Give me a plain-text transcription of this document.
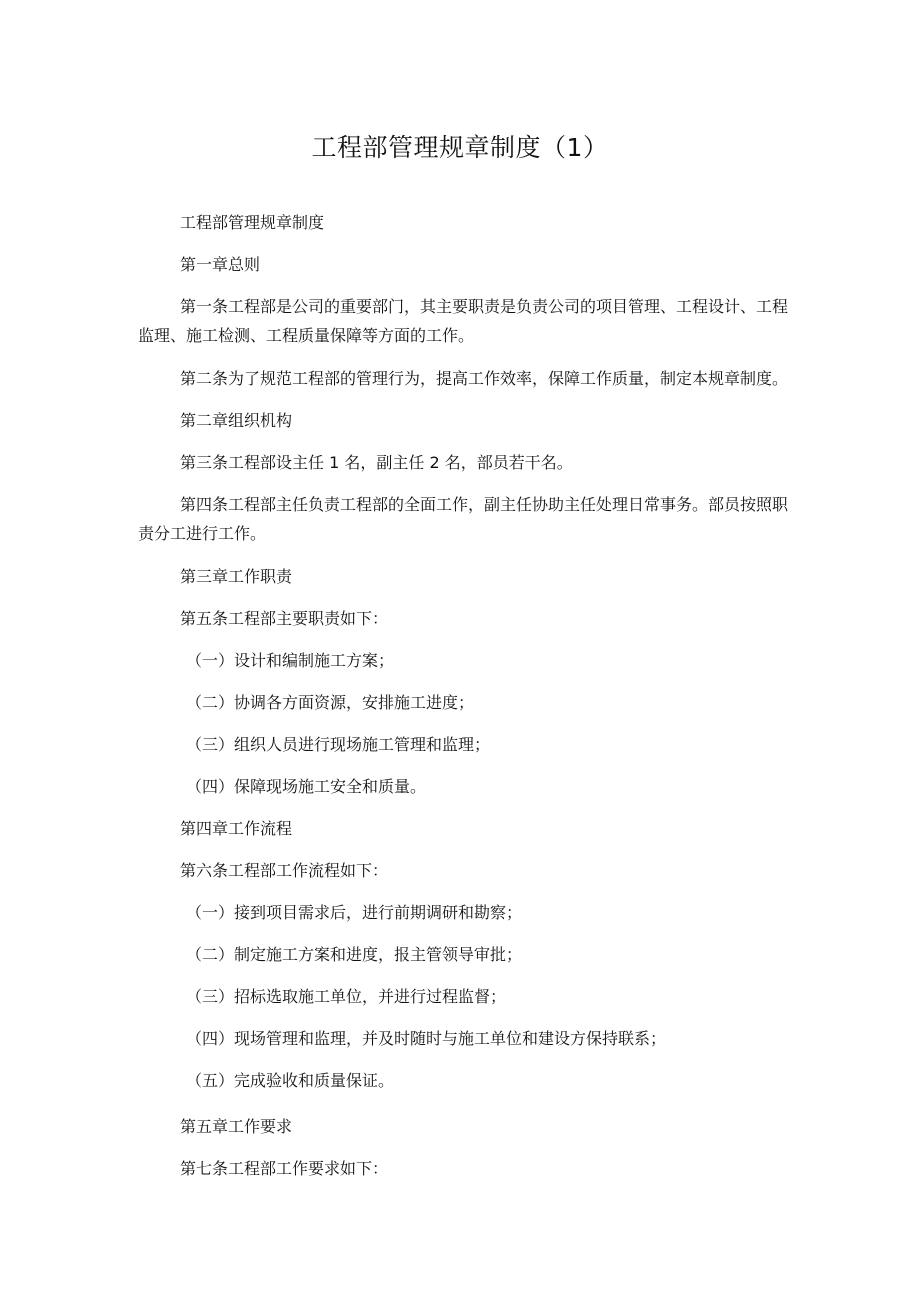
工程部管理规章制度（1）
工程部管理规章制度
第一章总则
第一条工程部是公司的重要部门，其主要职责是负责公司的项目管理、工程设计、工程
监理、施工检测、工程质量保障等方面的工作。
第二条为了规范工程部的管理行为，提高工作效率，保障工作质量，制定本规章制度。
第二章组织机构
第三条工程部设主任 1 名，副主任 2 名，部员若干名。
第四条工程部主任负责工程部的全面工作，副主任协助主任处理日常事务。部员按照职
责分工进行工作。
第三章工作职责
第五条工程部主要职责如下：
（一）设计和编制施工方案；
（二）协调各方面资源，安排施工进度；
（三）组织人员进行现场施工管理和监理；
（四）保障现场施工安全和质量。
第四章工作流程
第六条工程部工作流程如下：
（一）接到项目需求后，进行前期调研和勘察；
（二）制定施工方案和进度，报主管领导审批；
（三）招标选取施工单位，并进行过程监督；
（四）现场管理和监理，并及时随时与施工单位和建设方保持联系；
（五）完成验收和质量保证。
第五章工作要求
第七条工程部工作要求如下：
